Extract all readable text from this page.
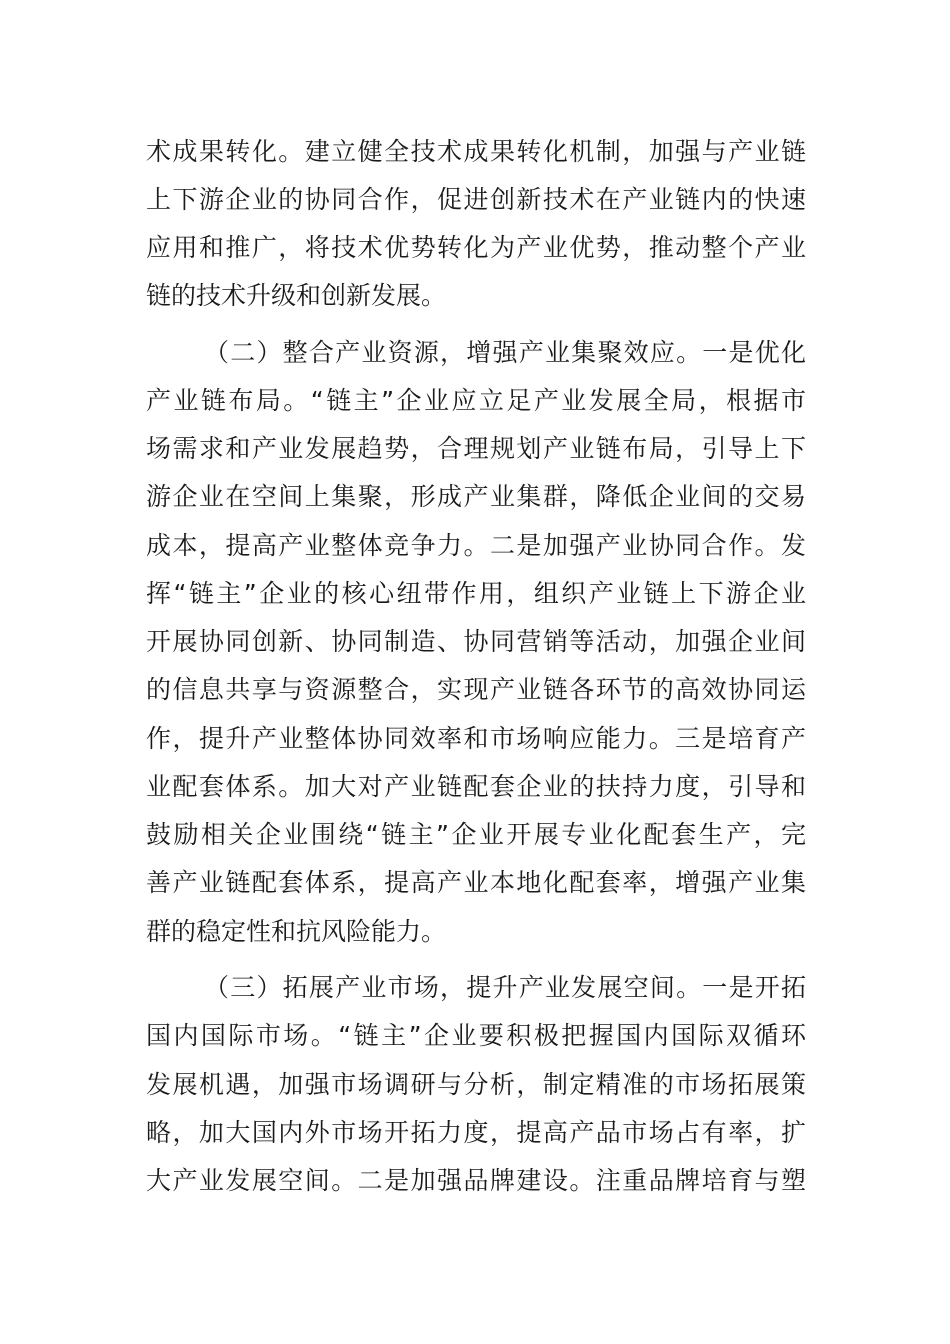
术成果转化。建立健全技术成果转化机制，加强与产业链
上下游企业的协同合作，促进创新技术在产业链内的快速
应用和推广，将技术优势转化为产业优势，推动整个产业
链的技术升级和创新发展。
（二）整合产业资源，增强产业集聚效应。一是优化
产业链布局。“链主”企业应立足产业发展全局，根据市
场需求和产业发展趋势，合理规划产业链布局，引导上下
游企业在空间上集聚，形成产业集群，降低企业间的交易
成本，提高产业整体竞争力。二是加强产业协同合作。发
挥“链主”企业的核心纽带作用，组织产业链上下游企业
开展协同创新、协同制造、协同营销等活动，加强企业间
的信息共享与资源整合，实现产业链各环节的高效协同运
作，提升产业整体协同效率和市场响应能力。三是培育产
业配套体系。加大对产业链配套企业的扶持力度，引导和
鼓励相关企业围绕“链主”企业开展专业化配套生产，完
善产业链配套体系，提高产业本地化配套率，增强产业集
群的稳定性和抗风险能力。
（三）拓展产业市场，提升产业发展空间。一是开拓
国内国际市场。“链主”企业要积极把握国内国际双循环
发展机遇，加强市场调研与分析，制定精准的市场拓展策
略，加大国内外市场开拓力度，提高产品市场占有率，扩
大产业发展空间。二是加强品牌建设。注重品牌培育与塑
